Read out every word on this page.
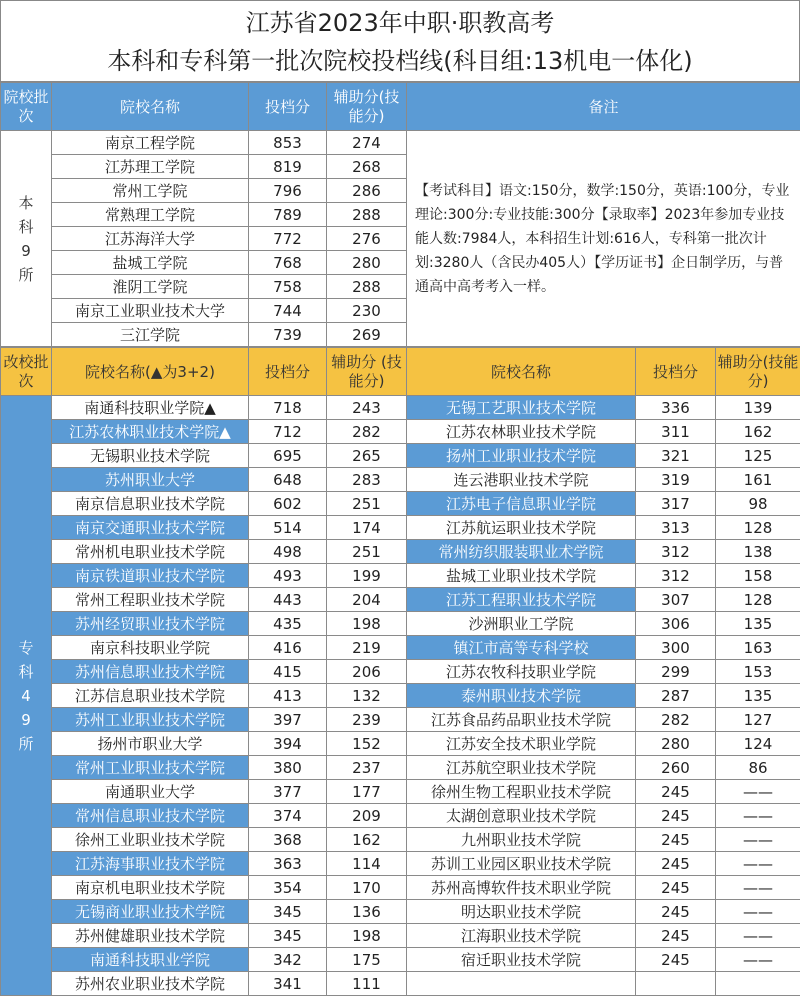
江苏省2023年中职·职教高考
本科和专科第一批次院校投档线(科目组:13机电一体化)
院校批次	院校名称	投档分	辅助分(技能分)	备注
本科9所	南京工程学院	853	274	【考试科目】语文:150分，数学:150分，英语:100分，专业理论:300分:专业技能:300分【录取率】2023年参加专业技能人数:7984人，本科招生计划:616人，专科第一批次计划:3280人（含民办405人）【学历证书】企日制学历，与普通高中高考考入一样。
	江苏理工学院	819	268	
	常州工学院	796	286	
	常熟理工学院	789	288	
	江苏海洋大学	772	276	
	盐城工学院	768	280	
	淮阴工学院	758	288	
	南京工业职业技术大学	744	230	
	三江学院	739	269	
改校批次	院校名称(▲为3+2)	投档分	辅助分 (技能分)	院校名称	投档分	辅助分(技能分)
专科49所	南通科技职业学院▲	718	243	无锡工艺职业技术学院	336	139
	江苏农林职业技术学院▲	712	282	江苏农林职业技术学院	311	162
	无锡职业技术学院	695	265	扬州工业职业技术学院	321	125
	苏州职业大学	648	283	连云港职业技术学院	319	161
	南京信息职业技术学院	602	251	江苏电子信息职业学院	317	98
	南京交通职业技术学院	514	174	江苏航运职业技术学院	313	128
	常州机电职业技术学院	498	251	常州纺织服装职业术学院	312	138
	南京铁道职业技术学院	493	199	盐城工业职业技术学院	312	158
	常州工程职业技术学院	443	204	江苏工程职业技术学院	307	128
	苏州经贸职业技术学院	435	198	沙洲职业工学院	306	135
	南京科技职业学院	416	219	镇江市高等专科学校	300	163
	苏州信息职业技术学院	415	206	江苏农牧科技职业学院	299	153
	江苏信息职业技术学院	413	132	泰州职业技术学院	287	135
	苏州工业职业技术学院	397	239	江苏食品药品职业技术学院	282	127
	扬州市职业大学	394	152	江苏安全技术职业学院	280	124
	常州工业职业技术学院	380	237	江苏航空职业技术学院	260	86
	南通职业大学	377	177	徐州生物工程职业技术学院	245	——
	常州信息职业技术学院	374	209	太湖创意职业技术学院	245	——
	徐州工业职业技术学院	368	162	九州职业技术学院	245	——
	江苏海事职业技术学院	363	114	苏训工业园区职业技术学院	245	——
	南京机电职业技术学院	354	170	苏州高博软件技术职业学院	245	——
	无锡商业职业技术学院	345	136	明达职业技术学院	245	——
	苏州健雄职业技术学院	345	198	江海职业技术学院	245	——
	南通科技职业学院	342	175	宿迁职业技术学院	245	——
	苏州农业职业技术学院	341	111			
